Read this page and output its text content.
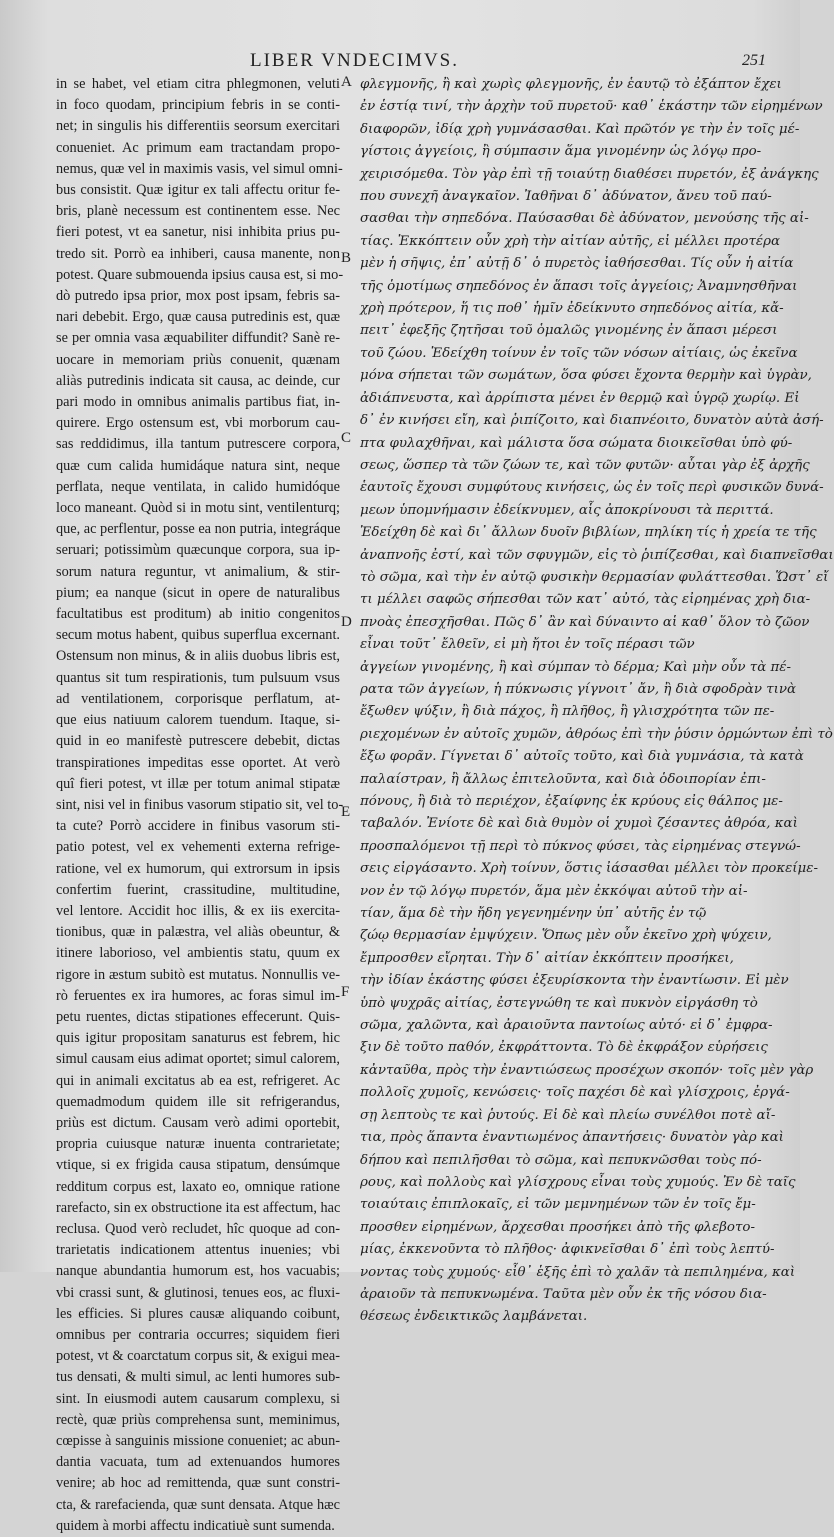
LIBER VNDECIMVS.	251
in se habet, vel etiam citra phlegmonen, veluti
in foco quodam, principium febris in se conti-
net; in singulis his differentiis seorsum exercitari
conueniet. Ac primum eam tractandam propo-
nemus, quæ vel in maximis vasis, vel simul omni-
bus consistit. Quæ igitur ex tali affectu oritur fe-
bris, planè necessum est continentem esse. Nec
fieri potest, vt ea sanetur, nisi inhibita prius pu-
tredo sit. Porrò ea inhiberi, causa manente, non
potest. Quare submouenda ipsius causa est, si mo-
dò putredo ipsa prior, mox post ipsam, febris sa-
nari debebit. Ergo, quæ causa putredinis est, quæ
se per omnia vasa æquabiliter diffundit? Sanè re-
uocare in memoriam priùs conuenit, quænam
aliàs putredinis indicata sit causa, ac deinde, cur
pari modo in omnibus animalis partibus fiat, in-
quirere. Ergo ostensum est, vbi morborum cau-
sas reddidimus, illa tantum putrescere corpora,
quæ cum calida humidáque natura sint, neque
perflata, neque ventilata, in calido humidóque
loco maneant. Quòd si in motu sint, ventilenturq;
que, ac perflentur, posse ea non putria, integráque
seruari; potissimùm quæcunque corpora, sua ip-
sorum natura reguntur, vt animalium, & stir-
pium; ea nanque (sicut in opere de naturalibus
facultatibus est proditum) ab initio congenitos
secum motus habent, quibus superflua excernant.
Ostensum non minus, & in aliis duobus libris est,
quantus sit tum respirationis, tum pulsuum vsus
ad ventilationem, corporisque perflatum, at-
que eius natiuum calorem tuendum. Itaque, si-
quid in eo manifestè putrescere debebit, dictas
transpirationes impeditas esse oportet. At verò
quî fieri potest, vt illæ per totum animal stipatæ
sint, nisi vel in finibus vasorum stipatio sit, vel to-
ta cute? Porrò accidere in finibus vasorum sti-
patio potest, vel ex vehementi externa refrige-
ratione, vel ex humorum, qui extrorsum in ipsis
confertim fuerint, crassitudine, multitudine,
vel lentore. Accidit hoc illis, & ex iis exercita-
tionibus, quæ in palæstra, vel aliàs obeuntur, &
itinere laborioso, vel ambientis statu, quum ex
rigore in æstum subitò est mutatus. Nonnullis ve-
rò feruentes ex ira humores, ac foras simul im-
petu ruentes, dictas stipationes effecerunt. Quis-
quis igitur propositam sanaturus est febrem, hic
simul causam eius adimat oportet; simul calorem,
qui in animali excitatus ab ea est, refrigeret. Ac
quemadmodum quidem ille sit refrigerandus,
priùs est dictum. Causam verò adimi oportebit,
propria cuiusque naturæ inuenta contrarietate;
vtique, si ex frigida causa stipatum, densúmque
redditum corpus est, laxato eo, omnique ratione
rarefacto, sin ex obstructione ita est affectum, hac
reclusa. Quod verò recludet, hîc quoque ad con-
trarietatis indicationem attentus inuenies; vbi
nanque abundantia humorum est, hos vacuabis;
vbi crassi sunt, & glutinosi, tenues eos, ac fluxi-
les efficies. Si plures causæ aliquando coibunt,
omnibus per contraria occurres; siquidem fieri
potest, vt & coarctatum corpus sit, & exigui mea-
tus densati, & multi simul, ac lenti humores sub-
sint. In eiusmodi autem causarum complexu, si
rectè, quæ priùs comprehensa sunt, meminimus,
cœpisse à sanguinis missione conueniet; ac abun-
dantia vacuata, tum ad extenuandos humores
venire; ab hoc ad remittenda, quæ sunt constri-
cta, & rarefacienda, quæ sunt densata. Atque hæc
quidem à morbi affectu indicatiuè sunt sumenda.
A
B
C
D
E
F
φλεγμονῆς, ἢ καὶ χωρὶς φλεγμονῆς, ἐν ἑαυτῷ τὸ ἐξάπτον ἔχει
ἐν ἑστίᾳ τινί, τὴν ἀρχὴν τοῦ πυρετοῦ· καθ᾽ ἑκάστην τῶν εἰρημένων
διαφορῶν, ἰδίᾳ χρὴ γυμνάσασθαι. Καὶ πρῶτόν γε τὴν ἐν τοῖς μέ-
γίστοις ἀγγείοις, ἢ σύμπασιν ἅμα γινομένην ὡς λόγῳ προ-
χειρισόμεθα. Τὸν γὰρ ἐπὶ τῇ τοιαύτῃ διαθέσει πυρετόν, ἐξ ἀνάγκης
που συνεχῆ ἀναγκαῖον. Ἰαθῆναι δ᾽ ἀδύνατον, ἄνευ τοῦ παύ-
σασθαι τὴν σηπεδόνα. Παύσασθαι δὲ ἀδύνατον, μενούσης τῆς αἰ-
τίας. Ἐκκόπτειν οὖν χρὴ τὴν αἰτίαν αὐτῆς, εἰ μέλλει προτέρα
μὲν ἡ σῆψις, ἐπ᾽ αὐτῇ δ᾽ ὁ πυρετὸς ἰαθήσεσθαι. Τίς οὖν ἡ αἰτία
τῆς ὁμοτίμως σηπεδόνος ἐν ἅπασι τοῖς ἀγγείοις; Ἀναμνησθῆναι
χρὴ πρότερον, ἥ τις ποθ᾽ ἡμῖν ἐδείκνυτο σηπεδόνος αἰτία, κἄ-
πειτ᾽ ἐφεξῆς ζητῆσαι τοῦ ὁμαλῶς γινομένης ἐν ἅπασι μέρεσι
τοῦ ζώου. Ἐδείχθη τοίνυν ἐν τοῖς τῶν νόσων αἰτίαις, ὡς ἐκεῖνα
μόνα σήπεται τῶν σωμάτων, ὅσα φύσει ἔχοντα θερμὴν καὶ ὑγρὰν,
ἀδιάπνευστα, καὶ ἀρρίπιστα μένει ἐν θερμῷ καὶ ὑγρῷ χωρίῳ. Εἰ
δ᾽ ἐν κινήσει εἴη, καὶ ῥιπίζοιτο, καὶ διαπνέοιτο, δυνατὸν αὐτὰ ἀσή-
πτα φυλαχθῆναι, καὶ μάλιστα ὅσα σώματα διοικεῖσθαι ὑπὸ φύ-
σεως, ὥσπερ τὰ τῶν ζώων τε, καὶ τῶν φυτῶν· αὗται γὰρ ἐξ ἀρχῆς
ἑαυτοῖς ἔχουσι συμφύτους κινήσεις, ὡς ἐν τοῖς περὶ φυσικῶν δυνά-
μεων ὑπομνήμασιν ἐδείκνυμεν, αἷς ἀποκρίνουσι τὰ περιττά.
Ἐδείχθη δὲ καὶ δι᾽ ἄλλων δυοῖν βιβλίων, πηλίκη τίς ἡ χρεία τε τῆς
ἀναπνοῆς ἐστί, καὶ τῶν σφυγμῶν, εἰς τὸ ῥιπίζεσθαι, καὶ διαπνεῖσθαι
τὸ σῶμα, καὶ τὴν ἐν αὐτῷ φυσικὴν θερμασίαν φυλάττεσθαι. Ὥστ᾽ εἴ
τι μέλλει σαφῶς σήπεσθαι τῶν κατ᾽ αὐτό, τὰς εἰρημένας χρὴ δια-
πνοὰς ἐπεσχῆσθαι. Πῶς δ᾽ ἂν καὶ δύναιντο αἱ καθ᾽ ὅλον τὸ ζῶον
εἶναι τοῦτ᾽ ἔλθεῖν, εἰ μὴ ἤτοι ἐν τοῖς πέρασι τῶν
ἀγγείων γινομένης, ἢ καὶ σύμπαν τὸ δέρμα; Καὶ μὴν οὖν τὰ πέ-
ρατα τῶν ἀγγείων, ἡ πύκνωσις γίγνοιτ᾽ ἄν, ἢ διὰ σφοδρὰν τινὰ
ἔξωθεν ψύξιν, ἢ διὰ πάχος, ἢ πλῆθος, ἢ γλισχρότητα τῶν πε-
ριεχομένων ἐν αὐτοῖς χυμῶν, ἀθρόως ἐπὶ τὴν ῥύσιν ὁρμώντων ἐπὶ τὸ
ἔξω φορᾶν. Γίγνεται δ᾽ αὐτοῖς τοῦτο, καὶ διὰ γυμνάσια, τὰ κατὰ
παλαίστραν, ἢ ἄλλως ἐπιτελοῦντα, καὶ διὰ ὁδοιπορίαν ἐπι-
πόνους, ἢ διὰ τὸ περιέχον, ἐξαίφνης ἐκ κρύους εἰς θάλπος με-
ταβαλόν. Ἐνίοτε δὲ καὶ διὰ θυμὸν οἱ χυμοὶ ζέσαντες ἀθρόα, καὶ
προσπαλόμενοι τῇ περὶ τὸ πύκνος φύσει, τὰς εἰρημένας στεγνώ-
σεις εἰργάσαντο. Χρὴ τοίνυν, ὅστις ἰάσασθαι μέλλει τὸν προκείμε-
νον ἐν τῷ λόγῳ πυρετόν, ἅμα μὲν ἐκκόψαι αὐτοῦ τὴν αἰ-
τίαν, ἅμα δὲ τὴν ἤδη γεγενημένην ὑπ᾽ αὐτῆς ἐν τῷ
ζώῳ θερμασίαν ἐμψύχειν. Ὅπως μὲν οὖν ἐκεῖνο χρὴ ψύχειν,
ἔμπροσθεν εἴρηται. Τὴν δ᾽ αἰτίαν ἐκκόπτειν προσήκει,
τὴν ἰδίαν ἑκάστης φύσει ἐξευρίσκοντα τὴν ἐναντίωσιν. Εἰ μὲν
ὑπὸ ψυχρᾶς αἰτίας, ἐστεγνώθη τε καὶ πυκνὸν εἰργάσθη τὸ
σῶμα, χαλῶντα, καὶ ἀραιοῦντα παντοίως αὐτό· εἰ δ᾽ ἐμφρα-
ξιν δὲ τοῦτο παθόν, ἐκφράττοντα. Τὸ δὲ ἐκφράξον εὑρήσεις
κἀνταῦθα, πρὸς τὴν ἐναντιώσεως προσέχων σκοπόν· τοῖς μὲν γὰρ
πολλοῖς χυμοῖς, κενώσεις· τοῖς παχέσι δὲ καὶ γλίσχροις, ἐργά-
σῃ λεπτοὺς τε καὶ ῥυτούς. Εἰ δὲ καὶ πλείω συνέλθοι ποτὲ αἴ-
τια, πρὸς ἅπαντα ἐναντιωμένος ἀπαντήσεις· δυνατὸν γὰρ καὶ
δήπου καὶ πεπιλῆσθαι τὸ σῶμα, καὶ πεπυκνῶσθαι τοὺς πό-
ρους, καὶ πολλοὺς καὶ γλίσχρους εἶναι τοὺς χυμούς. Ἐν δὲ ταῖς
τοιαύταις ἐπιπλοκαῖς, εἰ τῶν μεμνημένων τῶν ἐν τοῖς ἔμ-
προσθεν εἰρημένων, ἄρχεσθαι προσήκει ἀπὸ τῆς φλεβοτο-
μίας, ἐκκενοῦντα τὸ πλῆθος· ἀφικνεῖσθαι δ᾽ ἐπὶ τοὺς λεπτύ-
νοντας τοὺς χυμούς· εἶθ᾽ ἑξῆς ἐπὶ τὸ χαλᾶν τὰ πεπιλημένα, καὶ
ἀραιοῦν τὰ πεπυκνωμένα. Ταῦτα μὲν οὖν ἐκ τῆς νόσου δια-
θέσεως ἐνδεικτικῶς λαμβάνεται.
